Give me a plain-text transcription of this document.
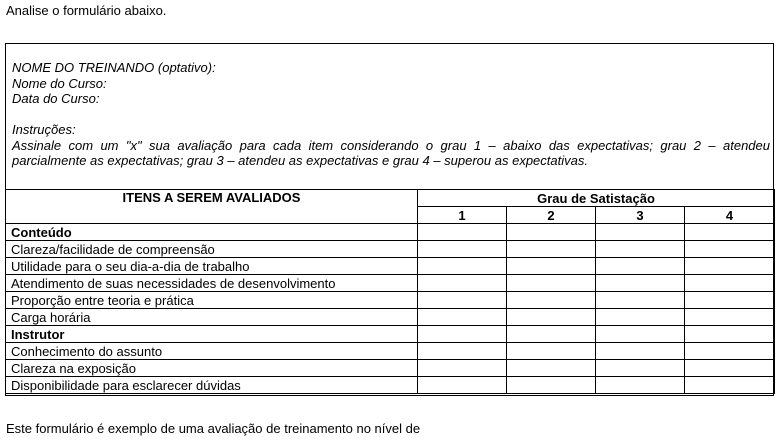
Analise o formulário abaixo.
NOME DO TREINANDO (optativo):
Nome do Curso:
Data do Curso:
Instruções:
Assinale com um "x" sua avaliação para cada item considerando o grau 1 – abaixo das expectativas; grau 2 – atendeu parcialmente as expectativas; grau 3 – atendeu as expectativas e grau 4 – superou as expectativas.
ITENS A SEREM AVALIADOS	Grau de Satistação			
	1	2	3	4
Conteúdo				
Clareza/facilidade de compreensão				
Utilidade para o seu dia-a-dia de trabalho				
Atendimento de suas necessidades de desenvolvimento				
Proporção entre teoria e prática				
Carga horária				
Instrutor				
Conhecimento do assunto				
Clareza na exposição				
Disponibilidade para esclarecer dúvidas				
Este formulário é exemplo de uma avaliação de treinamento no nível de
